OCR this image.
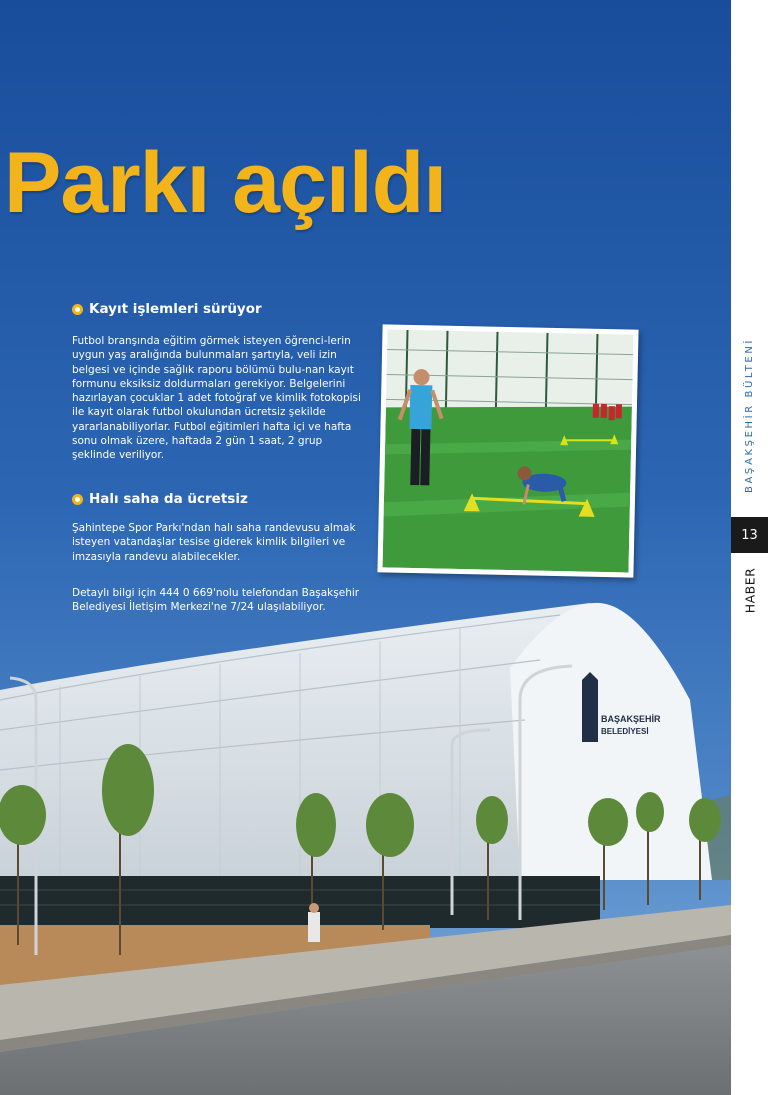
BAŞAKŞEHİR
BELEDİYESİ
Parkı açıldı
Kayıt işlemleri sürüyor

Futbol branşında eğitim görmek isteyen öğrenci-lerin uygun yaş aralığında bulunmaları şartıyla, veli izin belgesi ve içinde sağlık raporu bölümü bulu-nan kayıt formunu eksiksiz doldurmaları gerekiyor. Belgelerini hazırlayan çocuklar 1 adet fotoğraf ve kimlik fotokopisi ile kayıt olarak futbol okulundan ücretsiz şekilde yararlanabiliyorlar. Futbol eğitimleri hafta içi ve hafta sonu olmak üzere, haftada 2 gün 1 saat, 2 grup şeklinde veriliyor.

Halı saha da ücretsiz

Şahintepe Spor Parkı'ndan halı saha randevusu almak isteyen vatandaşlar tesise giderek kimlik bilgileri ve imzasıyla randevu alabilecekler.

Detaylı bilgi için 444 0 669'nolu telefondan Başakşehir Belediyesi İletişim Merkezi'ne 7/24 ulaşılabiliyor.

BAŞAKŞEHİR BÜLTENİ
13
HABER
